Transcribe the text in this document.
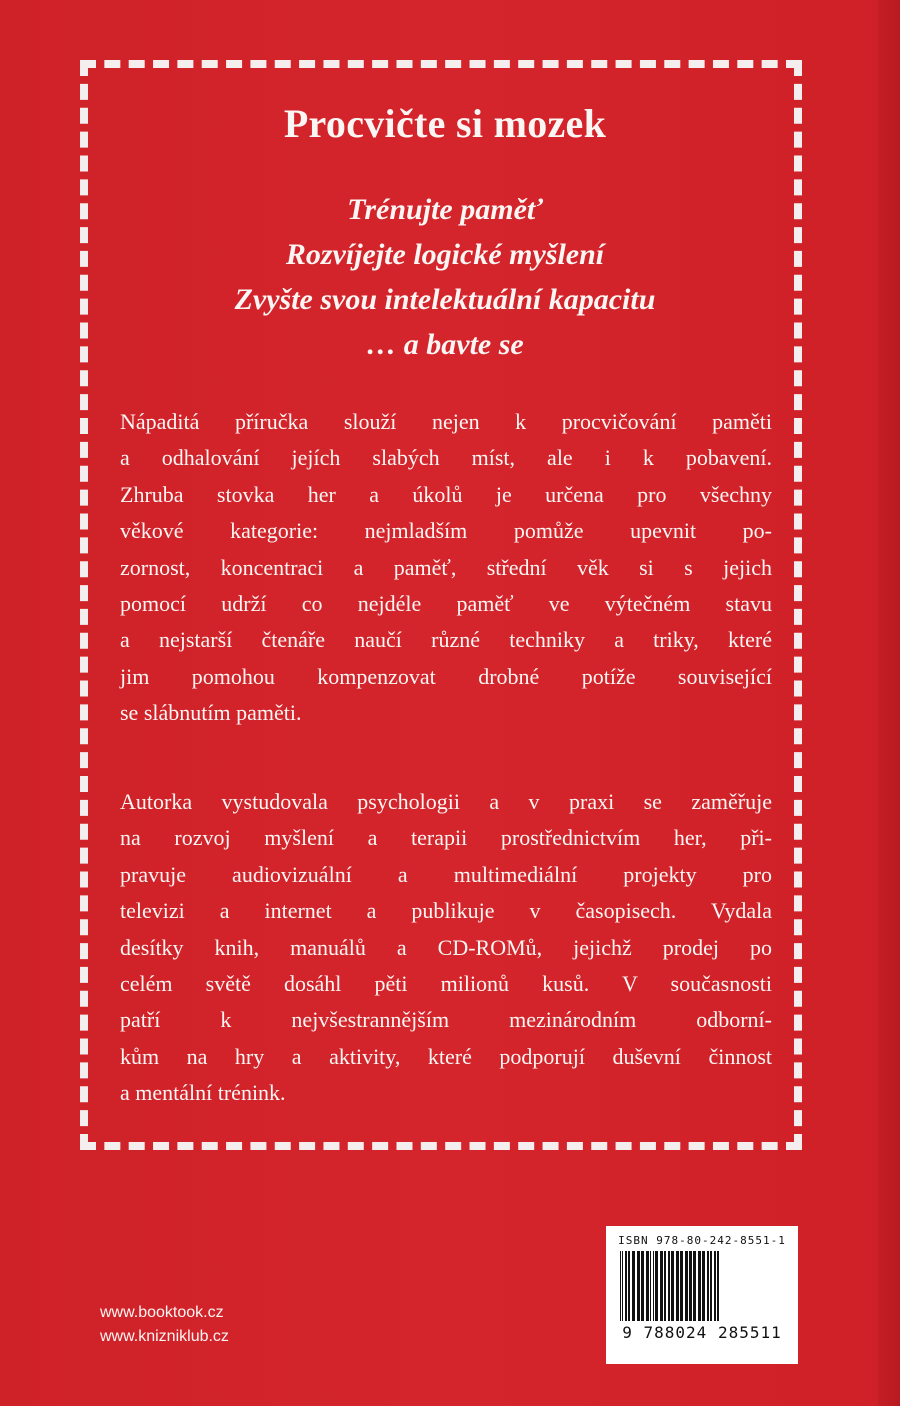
Procvičte si mozek
Trénujte paměť
Rozvíjejte logické myšlení
Zvyšte svou intelektuální kapacitu
… a bavte se
Nápaditá příručka slouží nejen k procvičování paměti
a odhalování jejích slabých míst, ale i k pobavení.
Zhruba stovka her a úkolů je určena pro všechny
věkové kategorie: nejmladším pomůže upevnit po-
zornost, koncentraci a paměť, střední věk si s jejich
pomocí udrží co nejdéle paměť ve výtečném stavu
a nejstarší čtenáře naučí různé techniky a triky, které
jim pomohou kompenzovat drobné potíže související
se slábnutím paměti.
Autorka vystudovala psychologii a v praxi se zaměřuje
na rozvoj myšlení a terapii prostřednictvím her, při-
pravuje audiovizuální a multimediální projekty pro
televizi a internet a publikuje v časopisech. Vydala
desítky knih, manuálů a CD-ROMů, jejichž prodej po
celém světě dosáhl pěti milionů kusů. V současnosti
patří k nejvšestrannějším mezinárodním odborní-
kům na hry a aktivity, které podporují duševní činnost
a mentální trénink.
www.booktook.cz
www.knizniklub.cz
ISBN 978-80-242-8551-1
9 788024 285511
